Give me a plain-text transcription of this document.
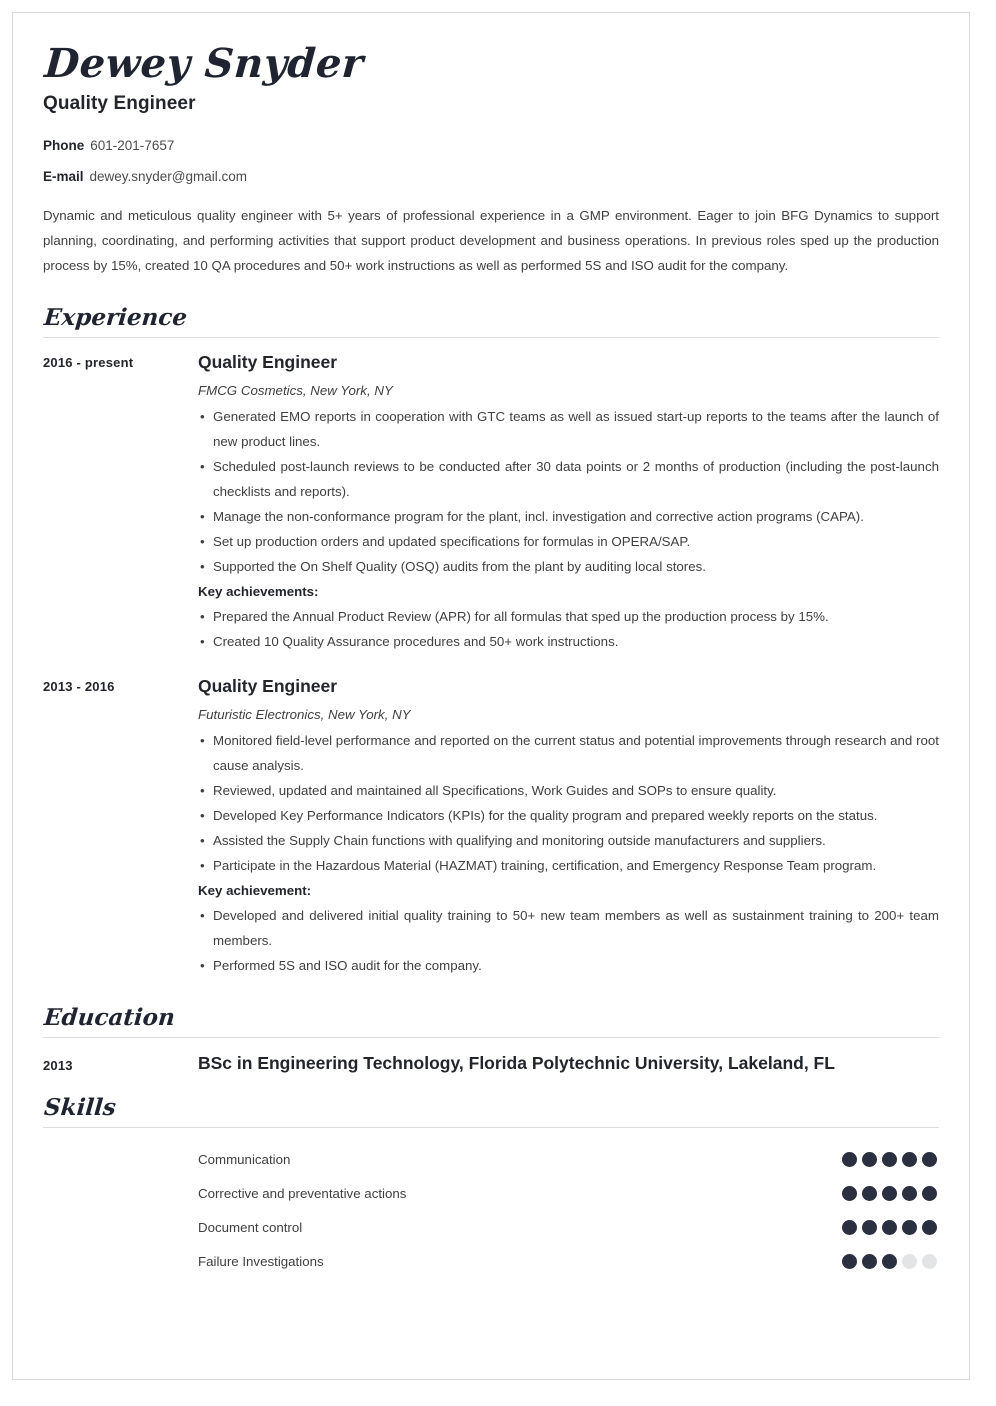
Dewey Snyder
Quality Engineer
Phone 601-201-7657
E-mail dewey.snyder@gmail.com

Dynamic and meticulous quality engineer with 5+ years of professional experience in a GMP environment. Eager to join BFG Dynamics to support planning, coordinating, and performing activities that support product development and business operations. In previous roles sped up the production process by 15%, created 10 QA procedures and 50+ work instructions as well as performed 5S and ISO audit for the company.

Experience
2016 - present	Quality Engineer
FMCG Cosmetics, New York, NY
• Generated EMO reports in cooperation with GTC teams as well as issued start-up reports to the teams after the launch of new product lines.
• Scheduled post-launch reviews to be conducted after 30 data points or 2 months of production (including the post-launch checklists and reports).
• Manage the non-conformance program for the plant, incl. investigation and corrective action programs (CAPA).
• Set up production orders and updated specifications for formulas in OPERA/SAP.
• Supported the On Shelf Quality (OSQ) audits from the plant by auditing local stores.
Key achievements:
• Prepared the Annual Product Review (APR) for all formulas that sped up the production process by 15%.
• Created 10 Quality Assurance procedures and 50+ work instructions.
2013 - 2016	Quality Engineer
Futuristic Electronics, New York, NY
• Monitored field-level performance and reported on the current status and potential improvements through research and root cause analysis.
• Reviewed, updated and maintained all Specifications, Work Guides and SOPs to ensure quality.
• Developed Key Performance Indicators (KPIs) for the quality program and prepared weekly reports on the status.
• Assisted the Supply Chain functions with qualifying and monitoring outside manufacturers and suppliers.
• Participate in the Hazardous Material (HAZMAT) training, certification, and Emergency Response Team program.
Key achievement:
• Developed and delivered initial quality training to 50+ new team members as well as sustainment training to 200+ team members.
• Performed 5S and ISO audit for the company.
Education
2013	BSc in Engineering Technology, Florida Polytechnic University, Lakeland, FL
Skills
Communication
Corrective and preventative actions
Document control
Failure Investigations
